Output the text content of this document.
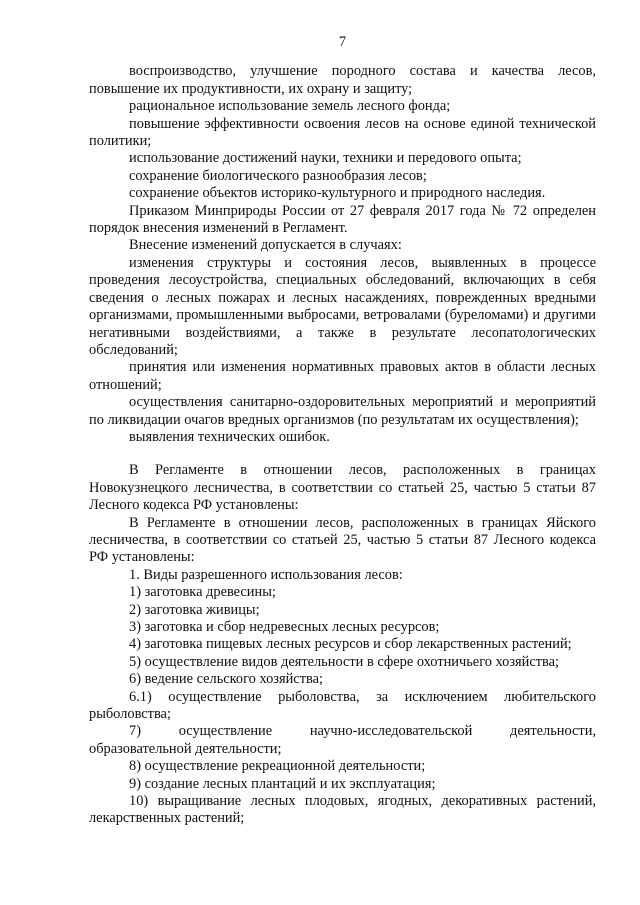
7

воспроизводство, улучшение породного состава и качества лесов, повышение их продуктивности, их охрану и защиту;

рациональное использование земель лесного фонда;

повышение эффективности освоения лесов на основе единой технической политики;

использование достижений науки, техники и передового опыта;

сохранение биологического разнообразия лесов;

сохранение объектов историко-культурного и природного наследия.

Приказом Минприроды России от 27 февраля 2017 года № 72 определен порядок внесения изменений в Регламент.

Внесение изменений допускается в случаях:

изменения структуры и состояния лесов, выявленных в процессе проведения лесоустройства, специальных обследований, включающих в себя сведения о лесных пожарах и лесных насаждениях, поврежденных вредными организмами, промышленными выбросами, ветровалами (буреломами) и другими негативными воздействиями, а также в результате лесопатологических обследований;

принятия или изменения нормативных правовых актов в области лесных отношений;

осуществления санитарно-оздоровительных мероприятий и мероприятий по ликвидации очагов вредных организмов (по результатам их осуществления);

выявления технических ошибок.

В Регламенте в отношении лесов, расположенных в границах Новокузнецкого лесничества, в соответствии со статьей 25, частью 5 статьи 87 Лесного кодекса РФ установлены:

В Регламенте в отношении лесов, расположенных в границах Яйского лесничества, в соответствии со статьей 25, частью 5 статьи 87 Лесного кодекса РФ установлены:

1. Виды разрешенного использования лесов:

1) заготовка древесины;

2) заготовка живицы;

3) заготовка и сбор недревесных лесных ресурсов;

4) заготовка пищевых лесных ресурсов и сбор лекарственных растений;

5) осуществление видов деятельности в сфере охотничьего хозяйства;

6) ведение сельского хозяйства;

6.1) осуществление рыболовства, за исключением любительского рыболовства;

7) осуществление научно-исследовательской деятельности, образовательной деятельности;

8) осуществление рекреационной деятельности;

9) создание лесных плантаций и их эксплуатация;

10) выращивание лесных плодовых, ягодных, декоративных растений, лекарственных растений;
